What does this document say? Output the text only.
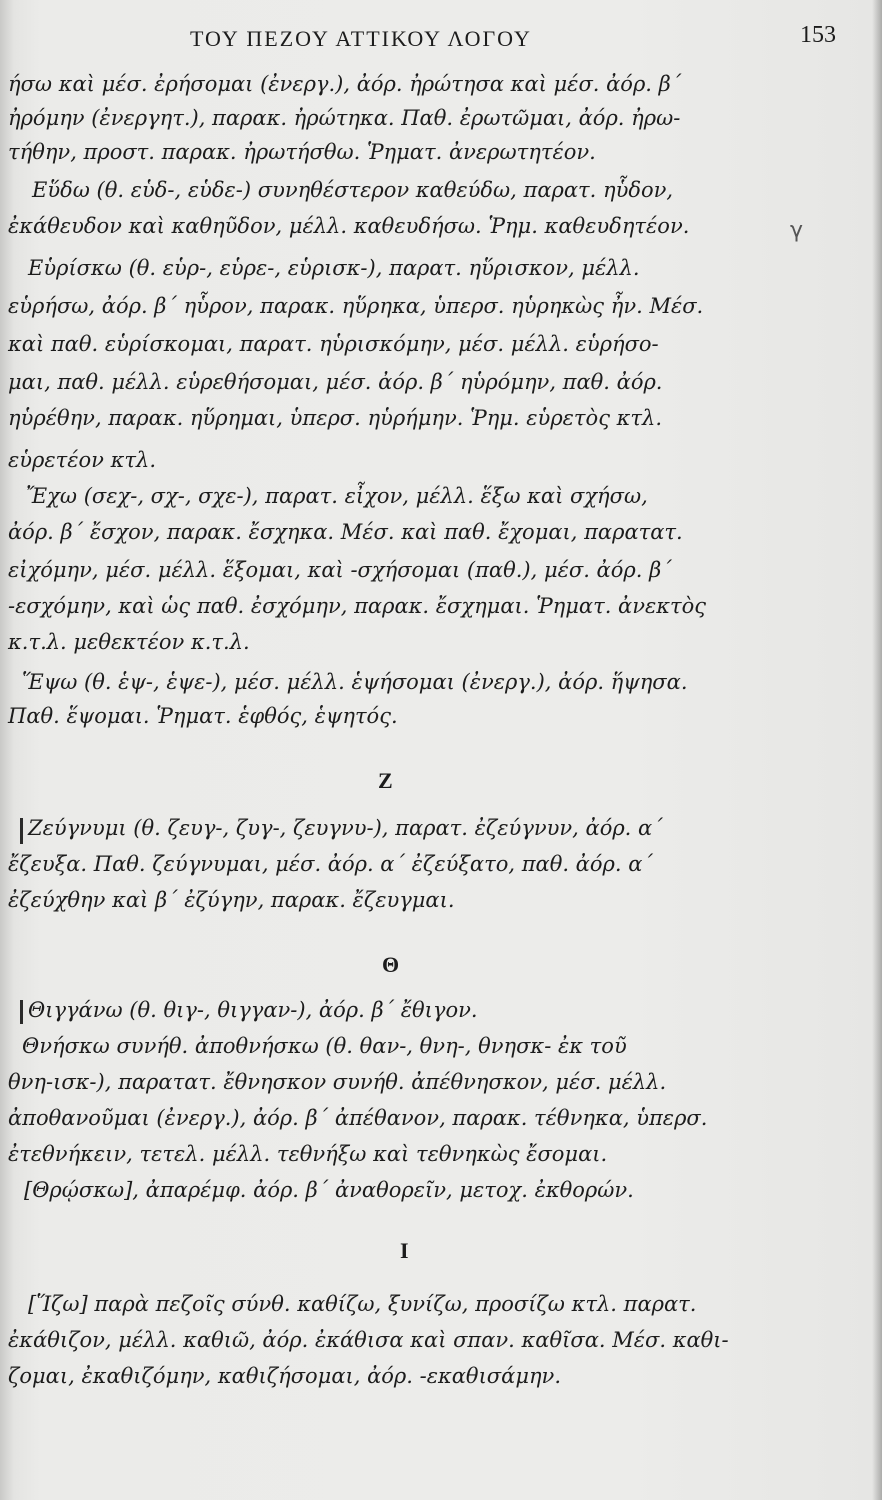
ΤΟΥ ΠΕΖΟΥ ΑΤΤΙΚΟΥ ΛΟΓΟΥ	153
ήσω καὶ μέσ. ἐρήσομαι (ἐνεργ.), ἀόρ. ἠρώτησα καὶ μέσ. ἀόρ. β´
ἠρόμην (ἐνεργητ.), παρακ. ἠρώτηκα. Παθ. ἐρωτῶμαι, ἀόρ. ἠρω-
τήθην, προστ. παρακ. ἠρωτήσθω. Ῥηματ. ἀνερωτητέον.
Εὕδω (θ. εὑδ-, εὑδε-) συνηθέστερον καθεύδω, παρατ. ηὗδον,
ἐκάθευδον καὶ καθηῦδον, μέλλ. καθευδήσω. Ῥημ. καθευδητέον.	γ
Εὑρίσκω (θ. εὑρ-, εὑρε-, εὑρισκ-), παρατ. ηὕρισκον, μέλλ.
εὑρήσω, ἀόρ. β´ ηὗρον, παρακ. ηὕρηκα, ὑπερσ. ηὑρηκὼς ἦν. Μέσ.
καὶ παθ. εὑρίσκομαι, παρατ. ηὑρισκόμην, μέσ. μέλλ. εὑρήσο-
μαι, παθ. μέλλ. εὑρεθήσομαι, μέσ. ἀόρ. β´ ηὑρόμην, παθ. ἀόρ.
ηὑρέθην, παρακ. ηὕρημαι, ὑπερσ. ηὑρήμην. Ῥημ. εὑρετὸς κτλ.
εὑρετέον κτλ.
Ἔχω (σεχ-, σχ-, σχε-), παρατ. εἶχον, μέλλ. ἕξω καὶ σχήσω,
ἀόρ. β´ ἔσχον, παρακ. ἔσχηκα. Μέσ. καὶ παθ. ἔχομαι, παρατατ.
εἰχόμην, μέσ. μέλλ. ἕξομαι, καὶ -σχήσομαι (παθ.), μέσ. ἀόρ. β´
-εσχόμην, καὶ ὡς παθ. ἐσχόμην, παρακ. ἔσχημαι. Ῥηματ. ἀνεκτὸς
κ.τ.λ. μεθεκτέον κ.τ.λ.
Ἕψω (θ. ἑψ-, ἑψε-), μέσ. μέλλ. ἑψήσομαι (ἐνεργ.), ἀόρ. ἥψησα.
Παθ. ἕψομαι. Ῥηματ. ἑφθός, ἑψητός.
Ζ
Ζεύγνυμι (θ. ζευγ-, ζυγ-, ζευγνυ-), παρατ. ἐζεύγνυν, ἀόρ. α´
ἔζευξα. Παθ. ζεύγνυμαι, μέσ. ἀόρ. α´ ἐζεύξατο, παθ. ἀόρ. α´
ἐζεύχθην καὶ β´ ἐζύγην, παρακ. ἔζευγμαι.
Θ
Θιγγάνω (θ. θιγ-, θιγγαν-), ἀόρ. β´ ἔθιγον.
Θνήσκω συνήθ. ἀποθνήσκω (θ. θαν-, θνη-, θνησκ- ἐκ τοῦ
θνη-ισκ-), παρατατ. ἔθνησκον συνήθ. ἀπέθνησκον, μέσ. μέλλ.
ἀποθανοῦμαι (ἐνεργ.), ἀόρ. β´ ἀπέθανον, παρακ. τέθνηκα, ὑπερσ.
ἐτεθνήκειν, τετελ. μέλλ. τεθνήξω καὶ τεθνηκὼς ἔσομαι.
[Θρῴσκω], ἀπαρέμφ. ἀόρ. β´ ἀναθορεῖν, μετοχ. ἐκθορών.
Ι
[Ἵζω] παρὰ πεζοῖς σύνθ. καθίζω, ξυνίζω, προσίζω κτλ. παρατ.
ἐκάθιζον, μέλλ. καθιῶ, ἀόρ. ἐκάθισα καὶ σπαν. καθῖσα. Μέσ. καθι-
ζομαι, ἐκαθιζόμην, καθιζήσομαι, ἀόρ. -εκαθισάμην.
